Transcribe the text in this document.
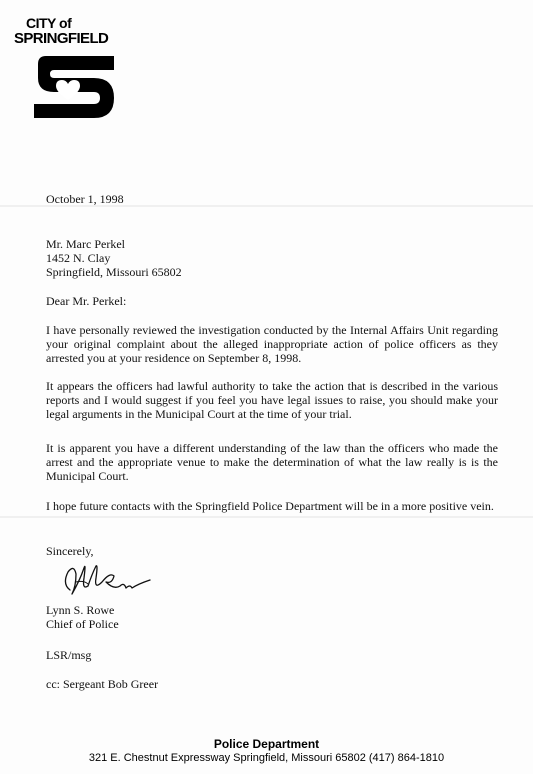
CITY of
SPRINGFIELD
October 1, 1998
Mr. Marc Perkel
1452 N. Clay
Springfield, Missouri 65802
Dear Mr. Perkel:
I have personally reviewed the investigation conducted by the Internal Affairs Unit regarding your original complaint about the alleged inappropriate action of police officers as they arrested you at your residence on September 8, 1998.
It appears the officers had lawful authority to take the action that is described in the various reports and I would suggest if you feel you have legal issues to raise, you should make your legal arguments in the Municipal Court at the time of your trial.
It is apparent you have a different understanding of the law than the officers who made the arrest and the appropriate venue to make the determination of what the law really is is the Municipal Court.
I hope future contacts with the Springfield Police Department will be in a more positive vein.
Sincerely,
Lynn S. Rowe
Chief of Police
LSR/msg
cc: Sergeant Bob Greer
Police Department
321 E. Chestnut Expressway Springfield, Missouri 65802 (417) 864-1810
